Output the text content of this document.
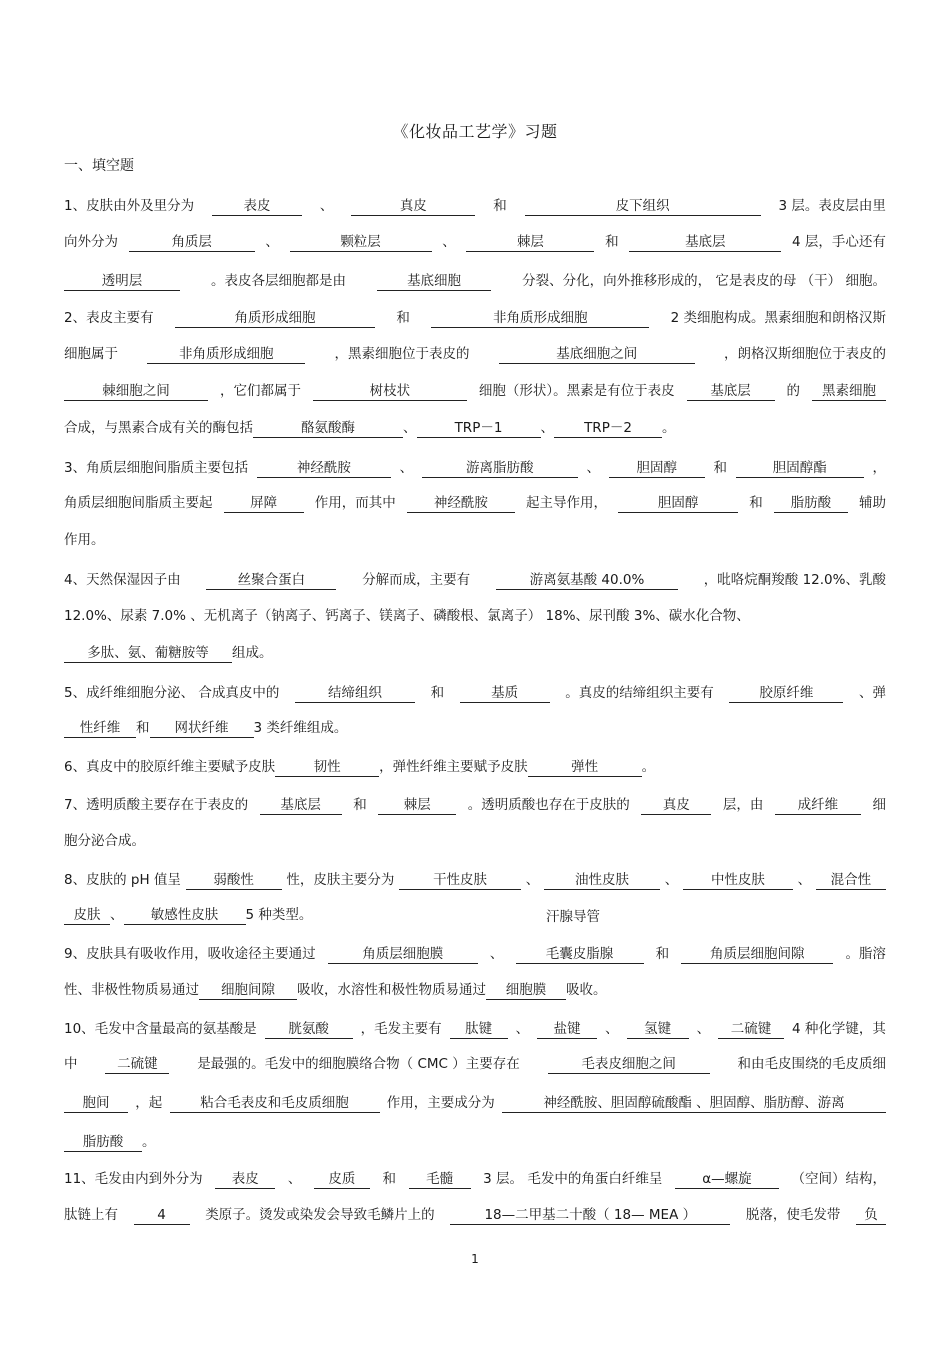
《化妆品工艺学》习题
一、填空题
1、皮肤由外及里分为	表皮	、	真皮	和	皮下组织	3 层。表皮层由里
向外分为	角质层	、	颗粒层	、	棘层	和	基底层	4 层，手心还有
透明层	。表皮各层细胞都是由	基底细胞	分裂、分化，向外推移形成的， 它是表皮的母 （干） 细胞。
2、表皮主要有	角质形成细胞	和	非角质形成细胞	2 类细胞构成。黑素细胞和朗格汉斯
细胞属于	非角质形成细胞	，黑素细胞位于表皮的	基底细胞之间	，朗格汉斯细胞位于表皮的
棘细胞之间	，它们都属于	树枝状	细胞（形状）。黑素是有位于表皮	基底层	的	黑素细胞
合成，与黑素合成有关的酶包括	酪氨酸酶	、	TRP－1	、 TRP－2 。
3、角质层细胞间脂质主要包括	神经酰胺	、	游离脂肪酸	、	胆固醇	和	胆固醇酯	，
角质层细胞间脂质主要起	屏障	作用，而其中	神经酰胺	起主导作用，	胆固醇	和	脂肪酸	辅助
作用。
4、天然保湿因子由	丝聚合蛋白	分解而成，主要有	游离氨基酸 40.0%	，吡咯烷酮羧酸 12.0%、乳酸
12.0%、尿素 7.0% 、无机离子（钠离子、钙离子、镁离子、磷酸根、氯离子） 18%、尿刊酸 3%、碳水化合物、
多肽、氨、葡糖胺等 组成。
5、成纤维细胞分泌、 合成真皮中的	结缔组织	和	基质	。真皮的结缔组织主要有	胶原纤维	、弹
性纤维 和 网状纤维 3 类纤维组成。
6、真皮中的胶原纤维主要赋予皮肤	韧性	，弹性纤维主要赋予皮肤	弹性	。
7、透明质酸主要存在于表皮的	基底层	和	棘层	。透明质酸也存在于皮肤的	真皮	层，由	成纤维	细
胞分泌合成。
8、皮肤的 pH 值呈	弱酸性	性，皮肤主要分为	干性皮肤	、	油性皮肤	、	中性皮肤	、	混合性
皮肤 、 敏感性皮肤 5 种类型。
9、皮肤具有吸收作用，吸收途径主要通过	角质层细胞膜	、	毛囊皮脂腺	和	角质层细胞间隙	。脂溶
性、非极性物质易通过 细胞间隙 吸收，水溶性和极性物质易通过 细胞膜 吸收。
10、毛发中含量最高的氨基酸是	胱氨酸	，毛发主要有	肽键	、	盐键	、	氢键	、	二硫键	4 种化学键，其
中	二硫键	是最强的。毛发中的细胞膜络合物（ CMC ）主要存在	毛表皮细胞之间	和由毛皮围绕的毛皮质细
胞间	，起	粘合毛表皮和毛皮质细胞	作用，主要成分为	神经酰胺、胆固醇硫酸酯 、胆固醇、脂肪醇、游离
脂肪酸 。
11、毛发由内到外分为	表皮	、	皮质	和	毛髓	3 层。 毛发中的角蛋白纤维呈	α—螺旋	（空间）结构，
肽链上有	4	类原子。烫发或染发会导致毛鳞片上的	18—二甲基二十酸（ 18— MEA ）	脱落，使毛发带	负
汗腺导管
1
